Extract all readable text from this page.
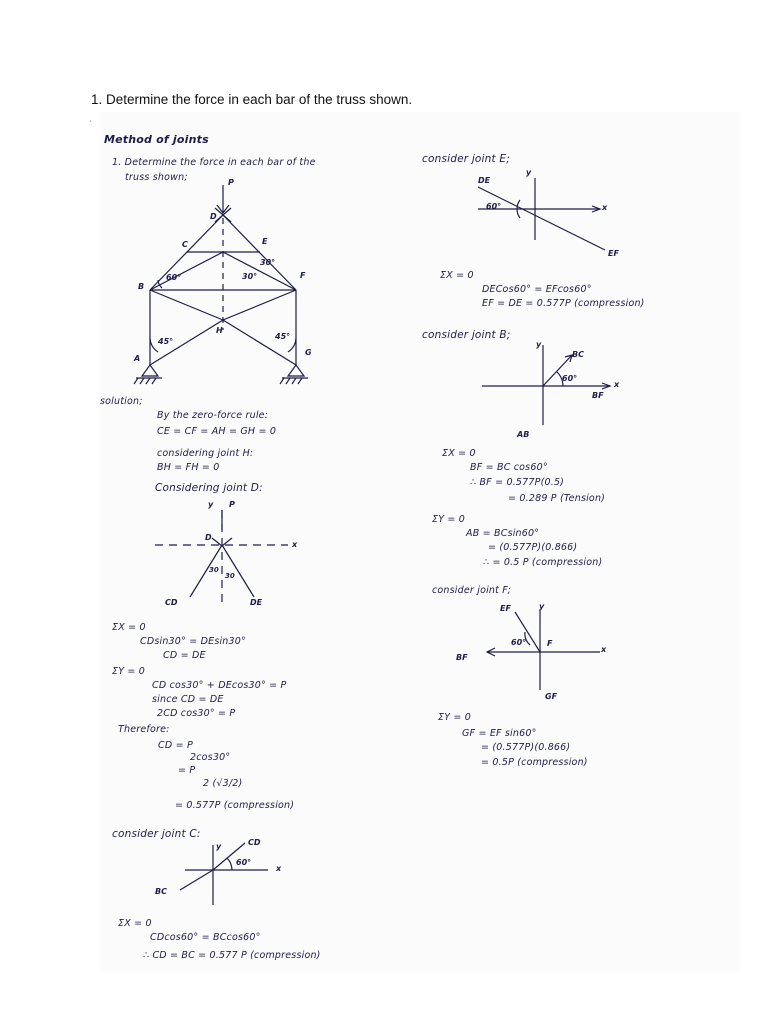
1. Determine the force in each bar of the truss shown.
ˌ
Method of joints
1. Determine the force in each bar of the
truss shown;	P
D
C	E
B
F
A
G
H
60°
30°
30°
45°
45°
solution;
By the zero-force rule:
CE = CF = AH = GH = 0
considering joint H:
BH = FH = 0
Considering joint D:
y P
D
x
30
30
CD	DE
ΣX = 0
CDsin30° = DEsin30°
CD = DE
ΣY = 0
CD cos30° + DEcos30° = P
since CD = DE
2CD cos30° = P
Therefore:
CD = P
2cos30°
= P
2 (√3/2)
= 0.577P (compression)
consider joint C:
CD
y
60°
x
BC
ΣX = 0
CDcos60° = BCcos60°
∴ CD = BC = 0.577 P (compression)
consider joint E;
DE
y
60°	x
EF
ΣX = 0
DECos60° = EFcos60°
EF = DE = 0.577P (compression)
consider joint B;
y
BC
60°
x
BF
AB
ΣX = 0
BF = BC cos60°
∴ BF = 0.577P(0.5)
= 0.289 P (Tension)
ΣY = 0
AB = BCsin60°
= (0.577P)(0.866)
∴ = 0.5 P (compression)
consider joint F;
EF	y
60°	F
BF
x
GF
ΣY = 0
GF = EF sin60°
= (0.577P)(0.866)
= 0.5P (compression)
